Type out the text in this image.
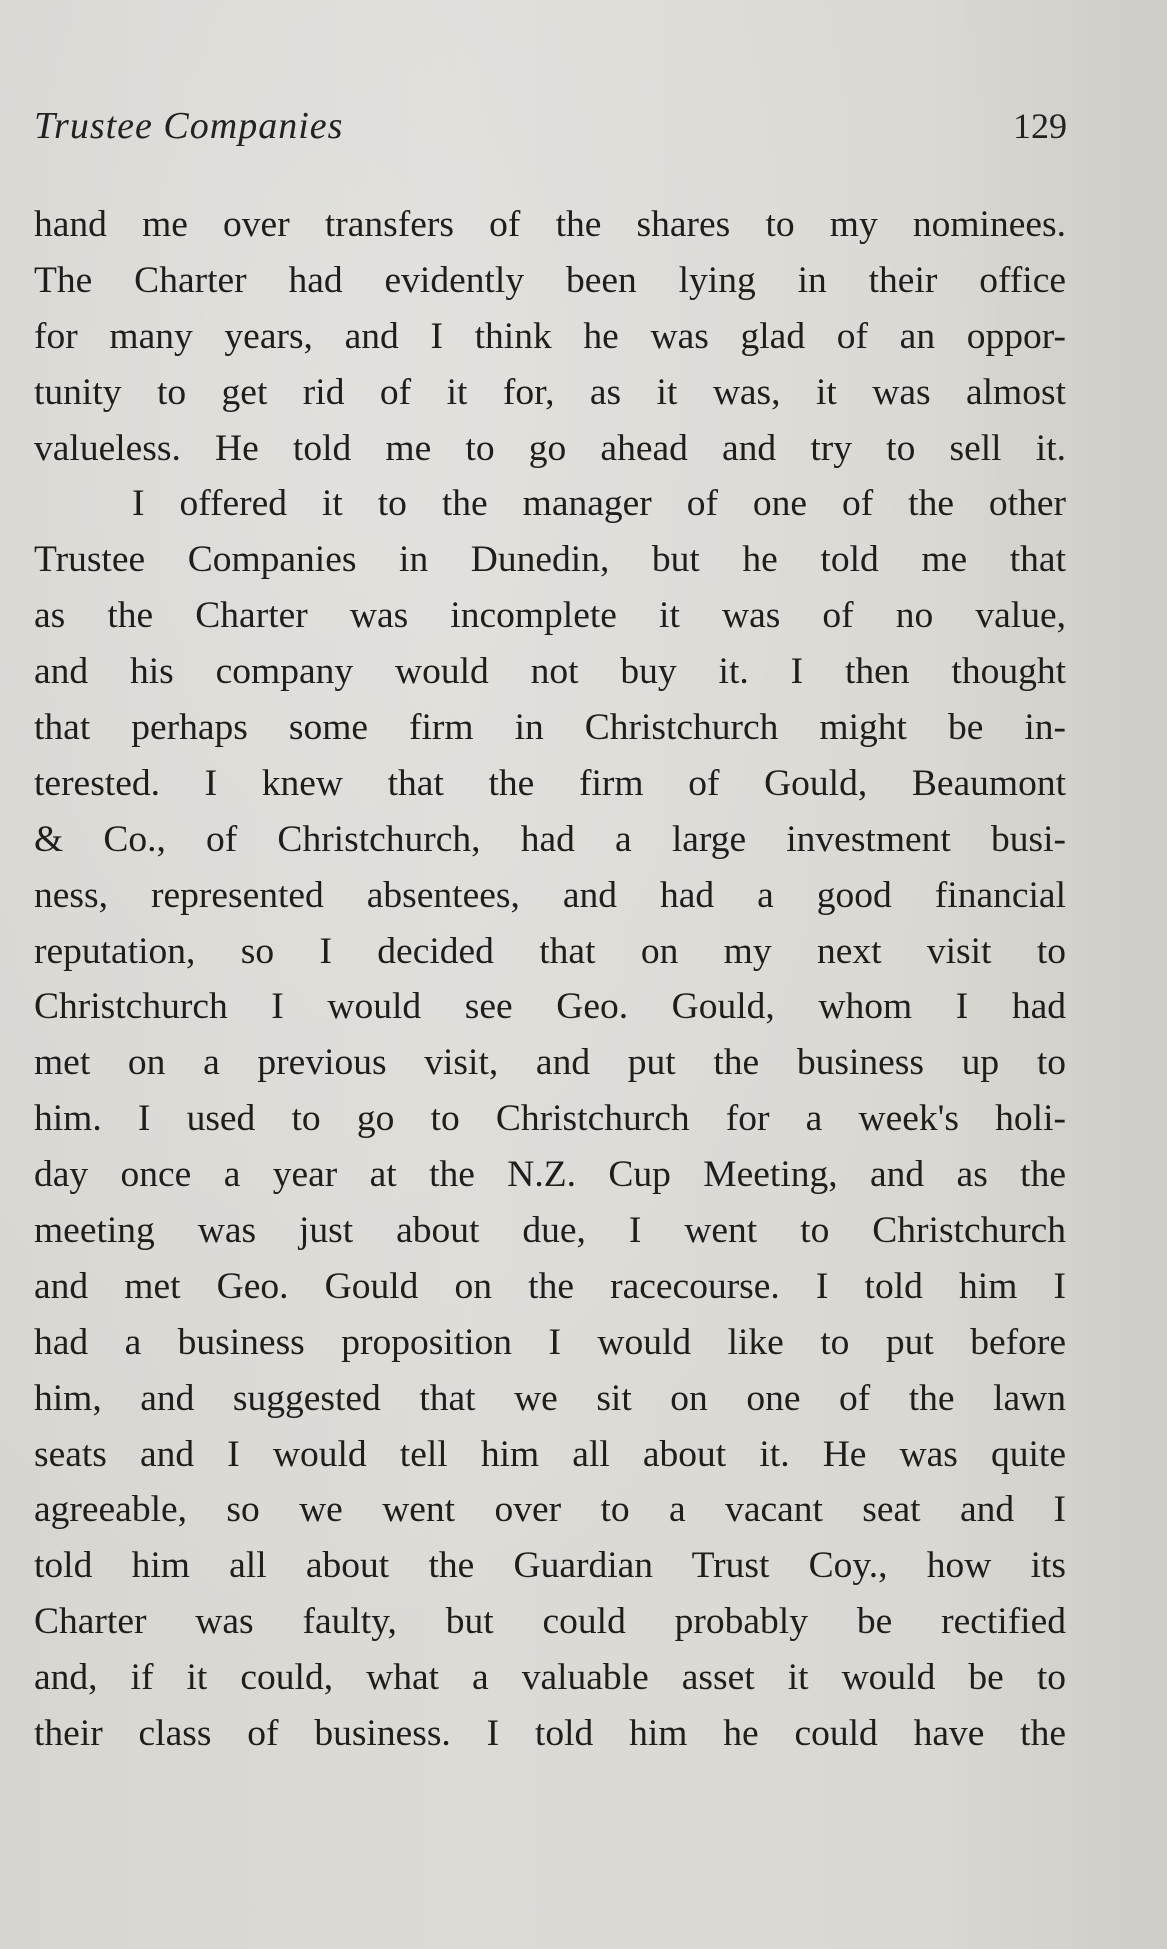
Trustee Companies	129
hand me over transfers of the shares to my nominees.
The Charter had evidently been lying in their office
for many years, and I think he was glad of an oppor-
tunity to get rid of it for, as it was, it was almost
valueless. He told me to go ahead and try to sell it.
I offered it to the manager of one of the other
Trustee Companies in Dunedin, but he told me that
as the Charter was incomplete it was of no value,
and his company would not buy it. I then thought
that perhaps some firm in Christchurch might be in-
terested. I knew that the firm of Gould, Beaumont
& Co., of Christchurch, had a large investment busi-
ness, represented absentees, and had a good financial
reputation, so I decided that on my next visit to
Christchurch I would see Geo. Gould, whom I had
met on a previous visit, and put the business up to
him. I used to go to Christchurch for a week's holi-
day once a year at the N.Z. Cup Meeting, and as the
meeting was just about due, I went to Christchurch
and met Geo. Gould on the racecourse. I told him I
had a business proposition I would like to put before
him, and suggested that we sit on one of the lawn
seats and I would tell him all about it. He was quite
agreeable, so we went over to a vacant seat and I
told him all about the Guardian Trust Coy., how its
Charter was faulty, but could probably be rectified
and, if it could, what a valuable asset it would be to
their class of business. I told him he could have the
